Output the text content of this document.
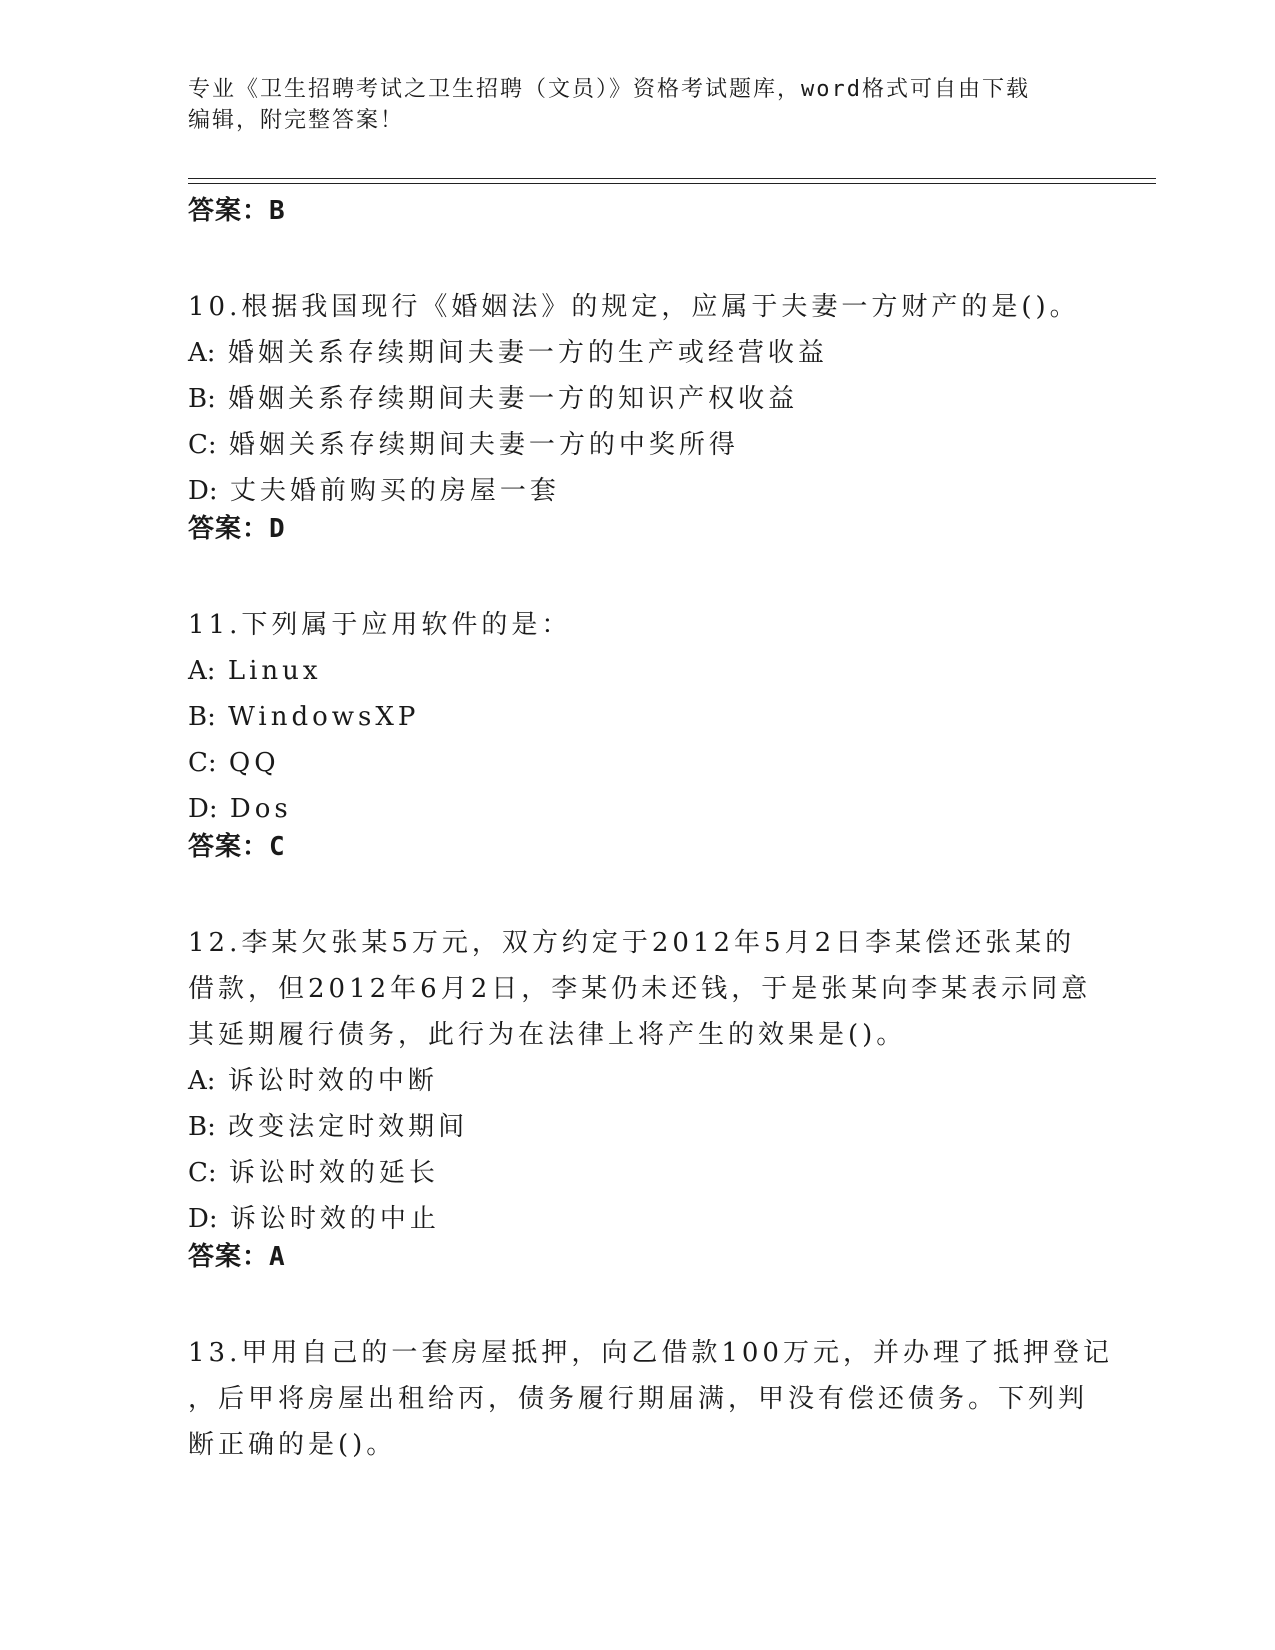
专业《卫生招聘考试之卫生招聘（文员）》资格考试题库，word格式可自由下载
编辑，附完整答案！
答案：B
10.根据我国现行《婚姻法》的规定，应属于夫妻一方财产的是()。
A: 婚姻关系存续期间夫妻一方的生产或经营收益
B: 婚姻关系存续期间夫妻一方的知识产权收益
C: 婚姻关系存续期间夫妻一方的中奖所得
D: 丈夫婚前购买的房屋一套
答案：D
11.下列属于应用软件的是：
A: Linux
B: WindowsXP
C: QQ
D: Dos
答案：C
12.李某欠张某5万元，双方约定于2012年5月2日李某偿还张某的
借款，但2012年6月2日，李某仍未还钱，于是张某向李某表示同意
其延期履行债务，此行为在法律上将产生的效果是()。
A: 诉讼时效的中断
B: 改变法定时效期间
C: 诉讼时效的延长
D: 诉讼时效的中止
答案：A
13.甲用自己的一套房屋抵押，向乙借款100万元，并办理了抵押登记
，后甲将房屋出租给丙，债务履行期届满，甲没有偿还债务。下列判
断正确的是()。
